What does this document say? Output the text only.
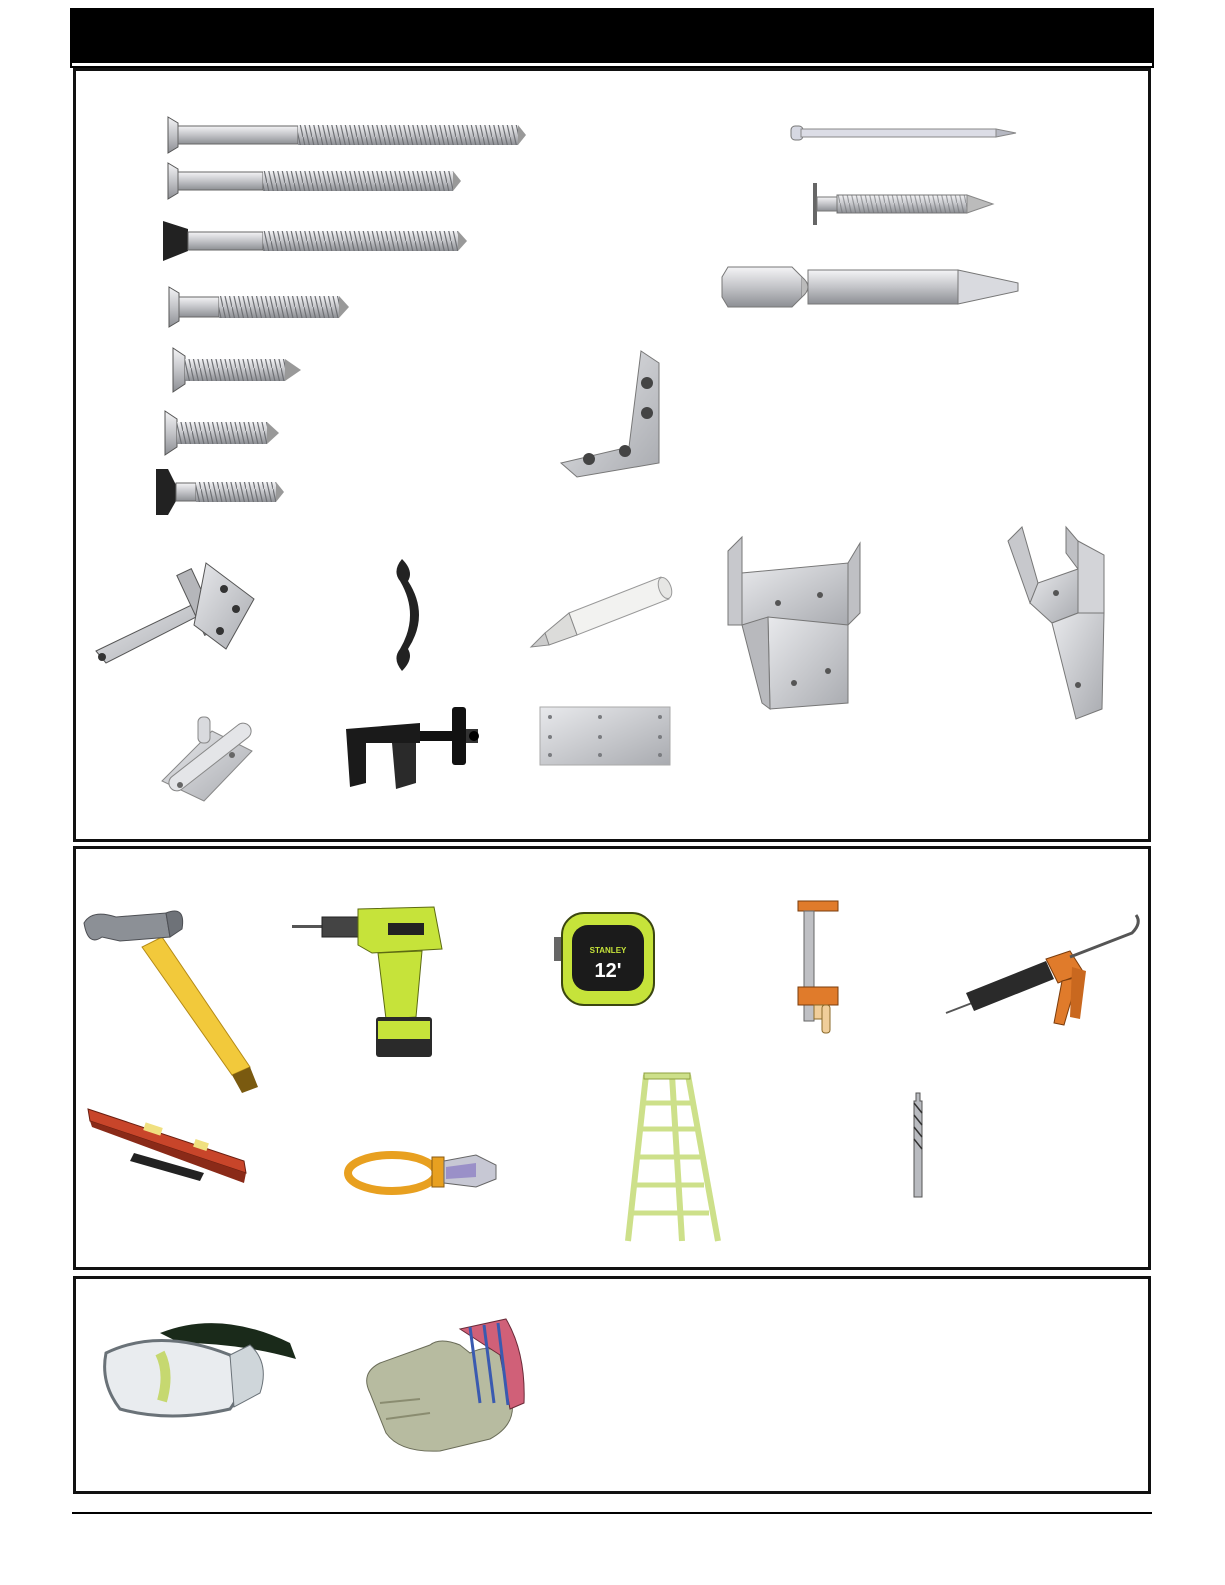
STANLEY
12'
